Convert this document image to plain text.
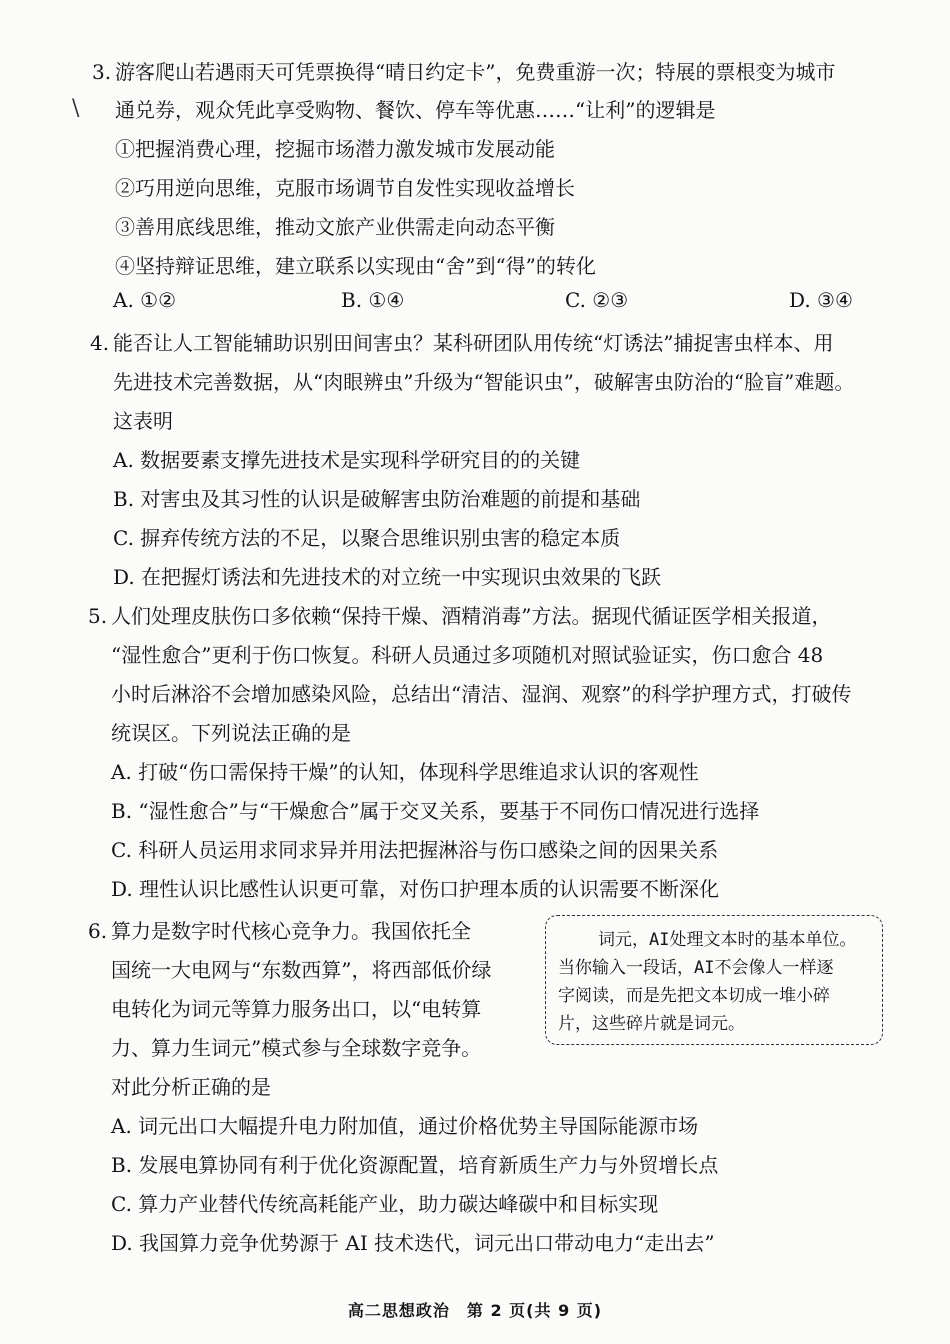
\
3. 游客爬山若遇雨天可凭票换得“晴日约定卡”，免费重游一次；特展的票根变为城市
通兑券，观众凭此享受购物、餐饮、停车等优惠……“让利”的逻辑是
①把握消费心理，挖掘市场潜力激发城市发展动能
②巧用逆向思维，克服市场调节自发性实现收益增长
③善用底线思维，推动文旅产业供需走向动态平衡
④坚持辩证思维，建立联系以实现由“舍”到“得”的转化
A. ①②	B. ①④	C. ②③	D. ③④
4. 能否让人工智能辅助识别田间害虫？某科研团队用传统“灯诱法”捕捉害虫样本、用
先进技术完善数据，从“肉眼辨虫”升级为“智能识虫”，破解害虫防治的“脸盲”难题。
这表明
A. 数据要素支撑先进技术是实现科学研究目的的关键
B. 对害虫及其习性的认识是破解害虫防治难题的前提和基础
C. 摒弃传统方法的不足，以聚合思维识别虫害的稳定本质
D. 在把握灯诱法和先进技术的对立统一中实现识虫效果的飞跃
5. 人们处理皮肤伤口多依赖“保持干燥、酒精消毒”方法。据现代循证医学相关报道，
“湿性愈合”更利于伤口恢复。科研人员通过多项随机对照试验证实，伤口愈合 48
小时后淋浴不会增加感染风险，总结出“清洁、湿润、观察”的科学护理方式，打破传
统误区。下列说法正确的是
A. 打破“伤口需保持干燥”的认知，体现科学思维追求认识的客观性
B. “湿性愈合”与“干燥愈合”属于交叉关系，要基于不同伤口情况进行选择
C. 科研人员运用求同求异并用法把握淋浴与伤口感染之间的因果关系
D. 理性认识比感性认识更可靠，对伤口护理本质的认识需要不断深化
6. 算力是数字时代核心竞争力。我国依托全
国统一大电网与“东数西算”，将西部低价绿
电转化为词元等算力服务出口，以“电转算
力、算力生词元”模式参与全球数字竞争。
词元，AI处理文本时的基本单位。
当你输入一段话，AI不会像人一样逐
字阅读，而是先把文本切成一堆小碎
片，这些碎片就是词元。
对此分析正确的是
A. 词元出口大幅提升电力附加值，通过价格优势主导国际能源市场
B. 发展电算协同有利于优化资源配置，培育新质生产力与外贸增长点
C. 算力产业替代传统高耗能产业，助力碳达峰碳中和目标实现
D. 我国算力竞争优势源于 AI 技术迭代，词元出口带动电力“走出去”
高二思想政治　第 2 页(共 9 页)
